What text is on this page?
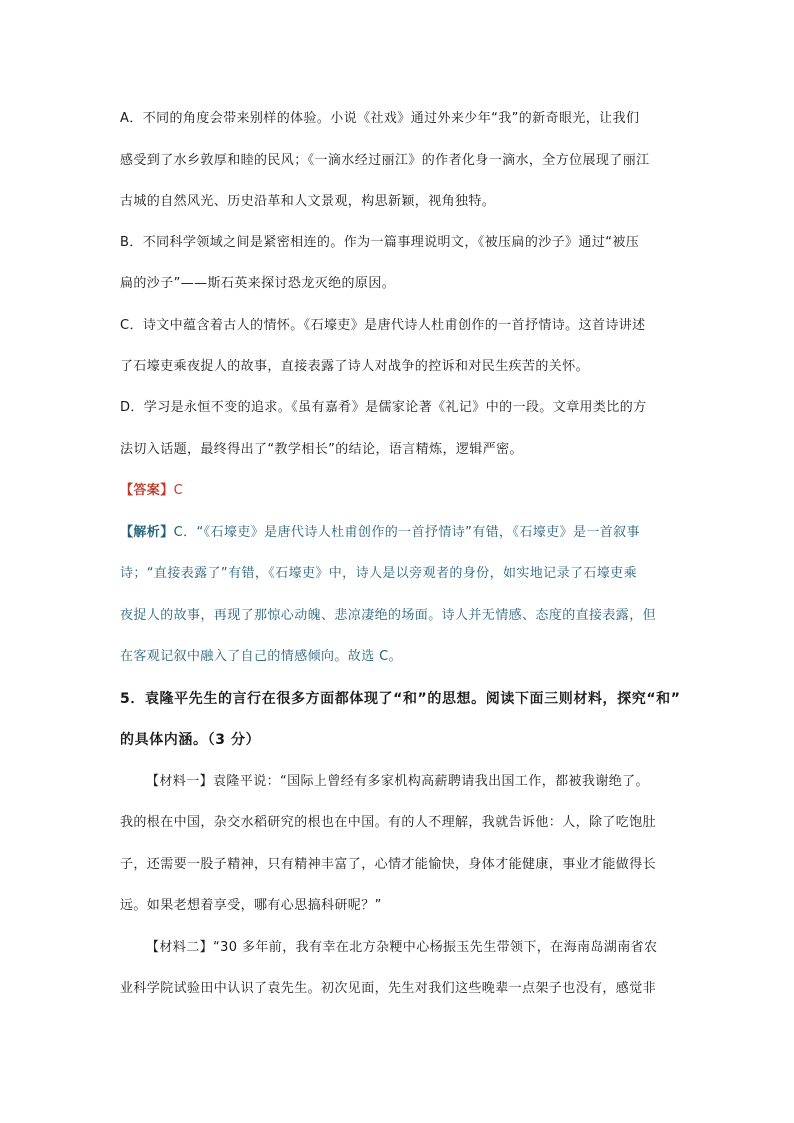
A．不同的角度会带来别样的体验。小说《社戏》通过外来少年“我”的新奇眼光，让我们
感受到了水乡敦厚和睦的民风；《一滴水经过丽江》的作者化身一滴水，全方位展现了丽江
古城的自然风光、历史沿革和人文景观，构思新颖，视角独特。
B．不同科学领域之间是紧密相连的。作为一篇事理说明文，《被压扁的沙子》通过“被压
扁的沙子”——斯石英来探讨恐龙灭绝的原因。
C．诗文中蕴含着古人的情怀。《石壕吏》是唐代诗人杜甫创作的一首抒情诗。这首诗讲述
了石壕吏乘夜捉人的故事，直接表露了诗人对战争的控诉和对民生疾苦的关怀。
D．学习是永恒不变的追求。《虽有嘉肴》是儒家论著《礼记》中的一段。文章用类比的方
法切入话题，最终得出了“教学相长”的结论，语言精炼，逻辑严密。
【答案】C
【解析】C．“《石壕吏》是唐代诗人杜甫创作的一首抒情诗”有错，《石壕吏》是一首叙事
诗；“直接表露了”有错，《石壕吏》中，诗人是以旁观者的身份，如实地记录了石壕吏乘
夜捉人的故事，再现了那惊心动魄、悲凉凄绝的场面。诗人并无情感、态度的直接表露，但
在客观记叙中融入了自己的情感倾向。故选 C。
5．袁隆平先生的言行在很多方面都体现了“和”的思想。阅读下面三则材料，探究“和”
的具体内涵。（3 分）
【材料一】袁隆平说：“国际上曾经有多家机构高薪聘请我出国工作，都被我谢绝了。
我的根在中国，杂交水稻研究的根也在中国。有的人不理解，我就告诉他：人，除了吃饱肚
子，还需要一股子精神，只有精神丰富了，心情才能愉快，身体才能健康，事业才能做得长
远。如果老想着享受，哪有心思搞科研呢？”
【材料二】“30 多年前，我有幸在北方杂粳中心杨振玉先生带领下，在海南岛湖南省农
业科学院试验田中认识了袁先生。初次见面，先生对我们这些晚辈一点架子也没有，感觉非
